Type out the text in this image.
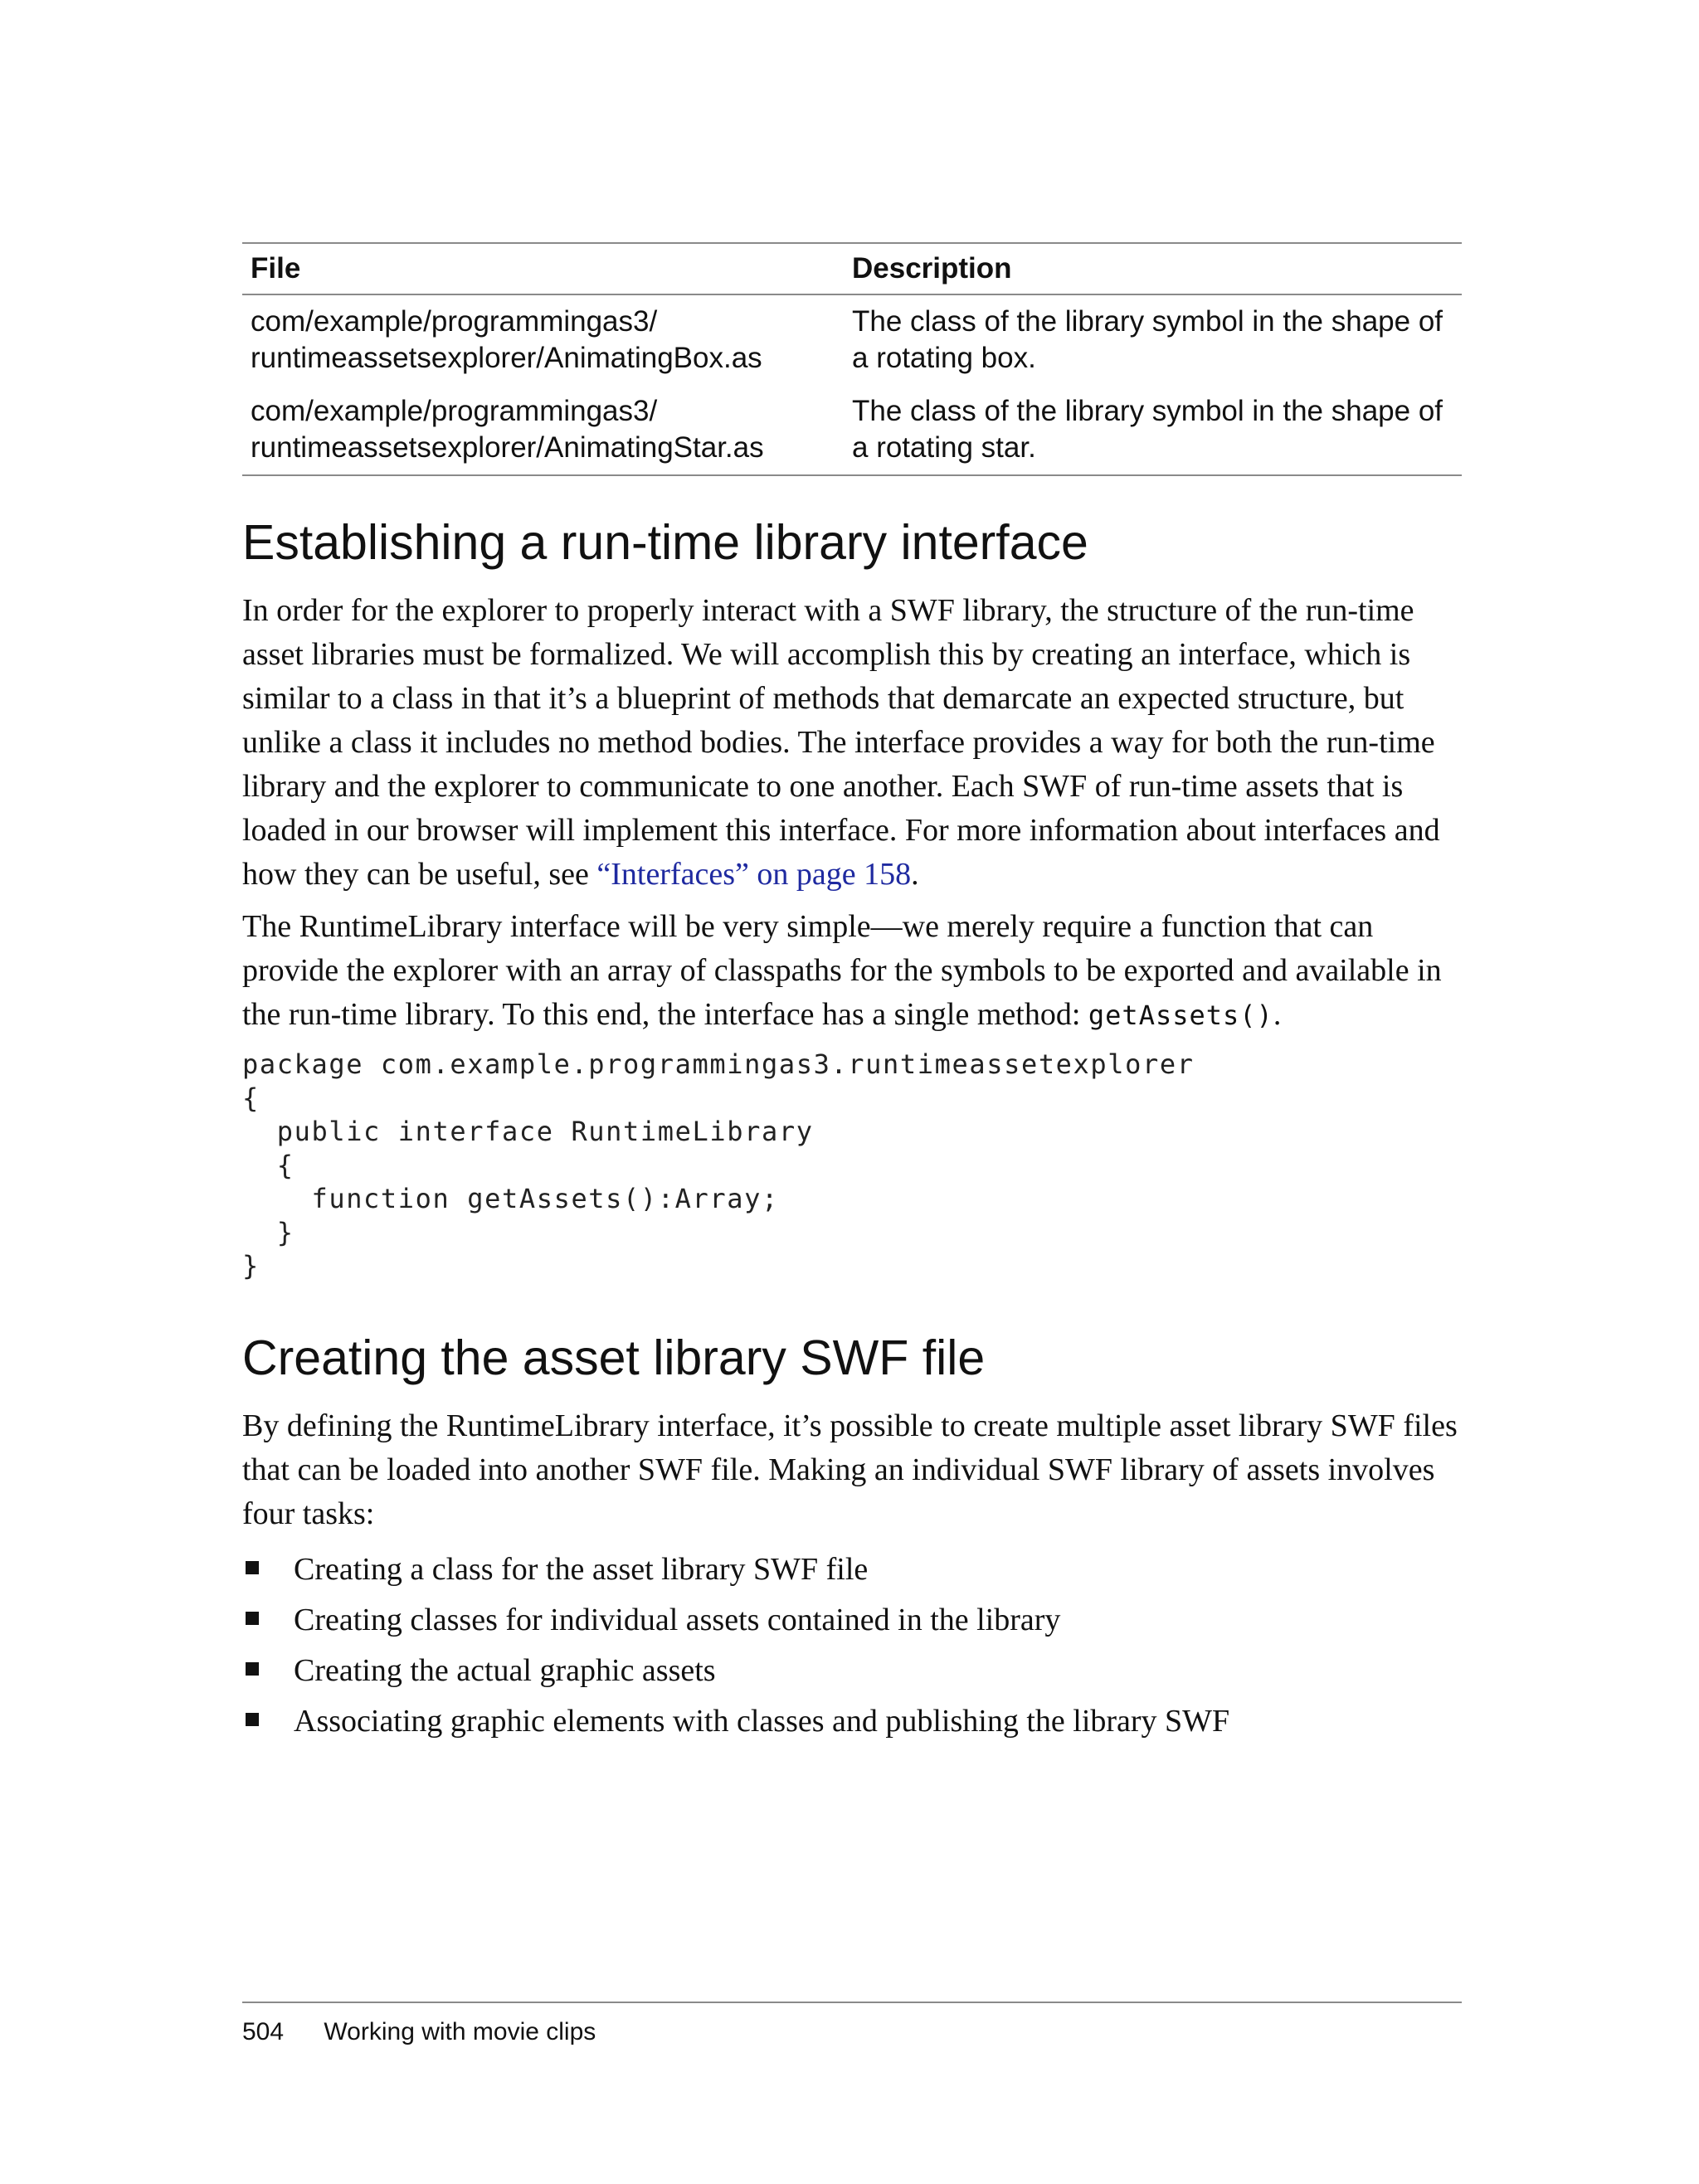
File	Description
com/example/programmingas3/
runtimeassetsexplorer/AnimatingBox.as	The class of the library symbol in the shape of a rotating box.
com/example/programmingas3/
runtimeassetsexplorer/AnimatingStar.as	The class of the library symbol in the shape of a rotating star.
Establishing a run-time library interface

In order for the explorer to properly interact with a SWF library, the structure of the run-time asset libraries must be formalized. We will accomplish this by creating an interface, which is similar to a class in that it’s a blueprint of methods that demarcate an expected structure, but unlike a class it includes no method bodies. The interface provides a way for both the run-time library and the explorer to communicate to one another. Each SWF of run-time assets that is loaded in our browser will implement this interface. For more information about interfaces and how they can be useful, see “Interfaces” on page 158.

The RuntimeLibrary interface will be very simple—we merely require a function that can provide the explorer with an array of classpaths for the symbols to be exported and available in the run-time library. To this end, the interface has a single method: getAssets().

package com.example.programmingas3.runtimeassetexplorer
{
public interface RuntimeLibrary
{
function getAssets():Array;
}
}
Creating the asset library SWF file

By defining the RuntimeLibrary interface, it’s possible to create multiple asset library SWF files that can be loaded into another SWF file. Making an individual SWF library of assets involves four tasks:

Creating a class for the asset library SWF file
Creating classes for individual assets contained in the library
Creating the actual graphic assets
Associating graphic elements with classes and publishing the library SWF
504 Working with movie clips
